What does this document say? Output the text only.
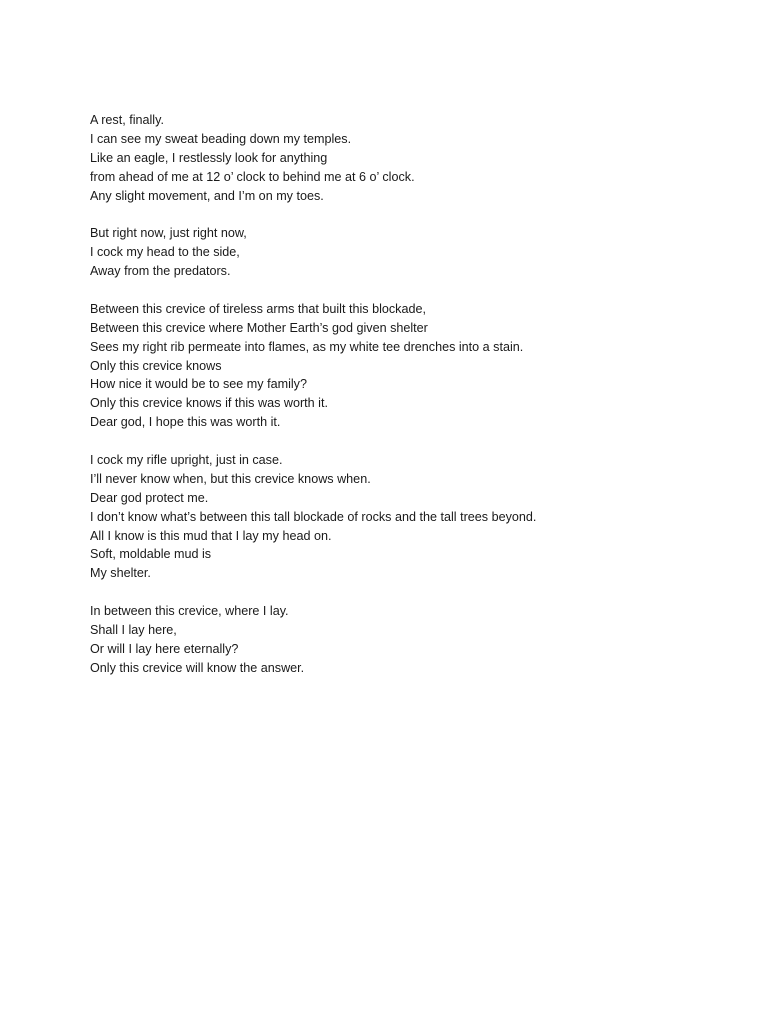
A rest, finally.
I can see my sweat beading down my temples.
Like an eagle, I restlessly look for anything
from ahead of me at 12 o’ clock to behind me at 6 o’ clock.
Any slight movement, and I’m on my toes.
But right now, just right now,
I cock my head to the side,
Away from the predators.
Between this crevice of tireless arms that built this blockade,
Between this crevice where Mother Earth’s god given shelter
Sees my right rib permeate into flames, as my white tee drenches into a stain.
Only this crevice knows
How nice it would be to see my family?
Only this crevice knows if this was worth it.
Dear god, I hope this was worth it.
I cock my rifle upright, just in case.
I’ll never know when, but this crevice knows when.
Dear god protect me.
I don’t know what’s between this tall blockade of rocks and the tall trees beyond.
All I know is this mud that I lay my head on.
Soft, moldable mud is
My shelter.
In between this crevice, where I lay.
Shall I lay here,
Or will I lay here eternally?
Only this crevice will know the answer.
